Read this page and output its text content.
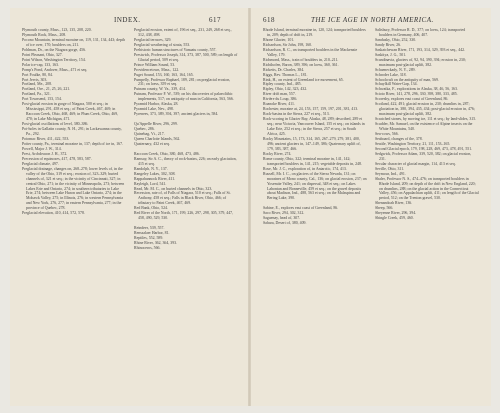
INDEX.	617

Plymouth county, Mass., 123, 135, 208, 220.

Plymouth Rock, Mass., 208.

Pocono Mountain, terminal moraine on, 119, 131, 134, 443; depth of ice over, 170; boulders on, 211.

Pohlman, Dr., on the Niagara gorge, 456.

Point Pleasant, Ohio, 327.

Point Wilson, Washington Territory, 154.

Polar ice-cap, 133, 163.

Pomp's Pond, Andover, Mass., 471 et seq.

Port Foulke, 80, 84.

Port Jervis, 303.

Portland, Me., 208.

Portland, Ore., 21, 25, 26, 221.

Portland, Pa., 321.

Port Townsend, 153, 154.

Post-glacial erosion in gorge of Niagara, 500 et seq.; in Mississippi, 291, 458 et seq.; of Paint Creek, 467, 469; in Raccoon Creek, Ohio, 468, 469; in Plum Creek, Ohio, 469, 470; in Lake Michigan, 471.

Post-glacial oscillations of level, 380–386.

Pot-holes in Gallatin county, N. H., 291; in Lackawanna county, Pa., 292.

Potomac River, 411, 422, 553.

Potter county, Pa., terminal moraine in, 137; depth of ice in, 167.

Powell, Major J. W., 314.

Prest, Archdeacon J. H., 372.

Precession of equinoxes, 417, 478, 583, 587.

Preglacial climate, 497.

Preglacial drainage, changes on, 268–278; lower levels of, in the valley of the Ohio, 319 et seq.; erosion of, 323–329; buried channels of, 321 et seq.; in the vicinity of Cincinnati, 327; in central Ohio, 271; in the vicinity of Minneapolis, 273; between Lakes Erie and Ontario, 274; in southern tributaries to Lake Erie, 274; between Lake Huron and Lake Ontario, 274; in the Mohawk Valley, 275; in Illinois, 276; in western Pennsylvania and New York, 276, 277; in eastern Pennsylvania, 277; in the province of Quebec, 278.

Preglacial elevation, 410, 414, 572, 578.

Preglacial erosion, extent of, 196 et seq., 231, 249, 268 et seq., 312, 438, 498.

Preglacial terraces, 329.

Preglacial weathering of strata, 553.

Prehistoric human structures of Vanuatu county, 557.

Prestwich, Professor Joseph, 314, 373, 387, 500, 589; on length of Glacial period, 509 et seq.

Prince William Sound, 53.

Providencetown, Mass., 122.

Puget Sound, 153, 160, 163, 164, 165.

Pumpelly, Professor Raphael, 189, 281; on preglacial erosion, 231; on loess, 359 et seq.

Putnam county, W. Va., 339, 414.

Putnam, Professor F. W., 539; on his discoveries of palaeolithic implements, 517; on antiquity of man in California, 563, 566.

Pyramid Harbor, Alaska, 28.

Pyramid Lake, Nev., 498.

Pyrenees, 373, 389, 394, 397; ancient glaciers in, 584.

Qu'Appelle River, 296, 299.

Quebec, 286.

Quinebag, Vt., 217.

Queen Charlotte Islands, 562.

Quaternary, 432 et seq.

Raccoon Creek, Ohio, 380, 468, 473, 486.

Ramsay, Sir A. C., theory of rock-basins, 226; on early glaciation, 415 et seq.

Randolph, N. Y., 137.

Rangeley Lakes, 302, 308.

Rappahannock River, 411.

Rayleigh, Lord, 541.

Read, Mr. M. C., on buried channels in Ohio, 323.

Recession, rate of, of Falls of Niagara, 510 et seq.; Falls of St. Anthony, 458 et seq.; Falls in Black River, Ohio, 466; of tributary to Paint Creek, 467, 469.

Red Bank, Ohio, 524.

Red River of the North, 171, 199, 226, 297, 298, 305, 379, 447, 458, 490, 529, 530.

Reindeer, 539, 557.

Renssalaer Harbor, 81.

Reptiles, 552, 589.

Rhine River, 362, 364, 393.

Rhinoceros, 566.

618	THE ICE AGE IN NORTH AMERICA.

Rhode Island, terminal moraine in, 120, 124; transported boulders in, 209; depth of drift in, 219.

Rhone Glacier, 101.

Richardson, Sir John, 198, 160.

Richardson, R. C., on transported boulders in the Mackenzie Valley, 179.

Richmond, Mass., train of boulders in, 210–211.

Richthofen, Baron, 389, 396; on loess, 360, 361.

Ricketts, Dr. Charles, 384.

Riggs, Rev. Thomas L., 181.

Rink, H., on extent of Greenland ice movement, 65.

Ripley county, Ind., 485.

Ripley, Ohio, 142, 323, 432.

River drift man, 557.

Rivière du Loup, 386.

Roanoke River, 411.

Rochester, moraine at, 24, 153, 157, 159, 197, 201, 381, 413.

Rock-basins in the Sierra, 227 et seq., 513.

Rock-scoring in Glacier Bay, Alaska, 48, 289; described, 289 et seq.; near Victoria, Vancouver Island, 155 et seq.; on islands in Lake Erie, 252 et seq.; in the Sierra, 257 et seq.; in South Africa, 425.

Rocky Mountains, 15, 173, 314, 165, 267–279, 279, 381, 400, 496; ancient glaciers in, 147–149, 386; Quaternary uplift of, 179, 383, 387, 466.

Rocky River, 274.

Rome county, Ohio, 322; terminal moraine in, 141, 142; transported boulders in, 141, 215; vegetable deposits in, 248.

Rose, Mr. J. C., exploration of, in Antarctic, 174, 413.

Russell, Mr. I. C., on glaciers of the Sierra Nevada, 131; on moraines of Mono county, Cal., 136; on glacial erosion, 237; on Yosemite Valley, 241; on dispersal, 348 et seq.; on Lakes Lahontan and Bonneville, 459 et seq.; on the gravel deposits about Madison, Ind., 488, 563 et seq.; on the Malaspina and Bering Lake, 390.

Sabine, E., explores east coast of Greenland, 86.

Saco River, 294, 302, 312.

Saguenay, head of, 307.

Sahara, Desert of, 380, 409.

Salisbury, Professor R. D., 377; on loess, 124; transported boulders in Germany, 406, 407.

Sandusky, Ohio, 252, 330.

Sandy River, 26.

Saskatchewan River, 171, 193, 314, 329, 393 et seq., 442.

Saskitya, J. G., 501.

Scandinavia, glaciers of, 92, 94, 390, 394; erosion in, 230; maximum post-glacial uplift, 382.

Schaeneckady, N. Y., 289.

Schroder Lake, 318.

Schoolcraft on the antiquity of man, 569.

Schuylkill Water-Gap, 134.

Schwatka, F., explorations in Alaska, 38, 46, 56, 163.

Scioto River, 141, 278, 296, 330, 398, 380, 333, 485.

Scoresby, explores east coast of Greenland, 86.

Scotland, 422, 491; glacial erosion in, 230; drumlins in, 287; glaciation in, 380, 394, 435, 434; post-glacial erosion in, 476; maximum post-glacial uplift, 382.

Scratched stones, by moving ice, 111 et seq.; by land-slides, 315.

Scudder, Mr. Samuel, on the existence of Alpine insects on the White Mountains, 540.

Sea-cows, 566.

Seaboard, changes of the, 378.

Seattle, Washington Territory, 21, 111, 153–165.

Second Glacial epoch, 179, 198, 228, 469, 473, 478, 491, 551.

Sedgwick, Professor Adam, 339, 520, 382; on glacial erosion, 231.

Secular character of glacial margin, 114, 413 et seq.

Seville, Ohio, 311.

Seymour, Ind., 491.

Shaler, Professor N. S., 474–476; on transported boulders in Rhode Island, 209; on depth of the drift in New England, 220; on drumlins, 288; on the glacial action in the Connecticut Valley, 456; on Appalachian uplift, 411; on length of the Glacial period, 512; on the Trenton gravel, 530.

Shenandoah River, 136.

Sheep, 566.

Sheyenne River, 296, 394.

Shingle Creek, 459, 460.
